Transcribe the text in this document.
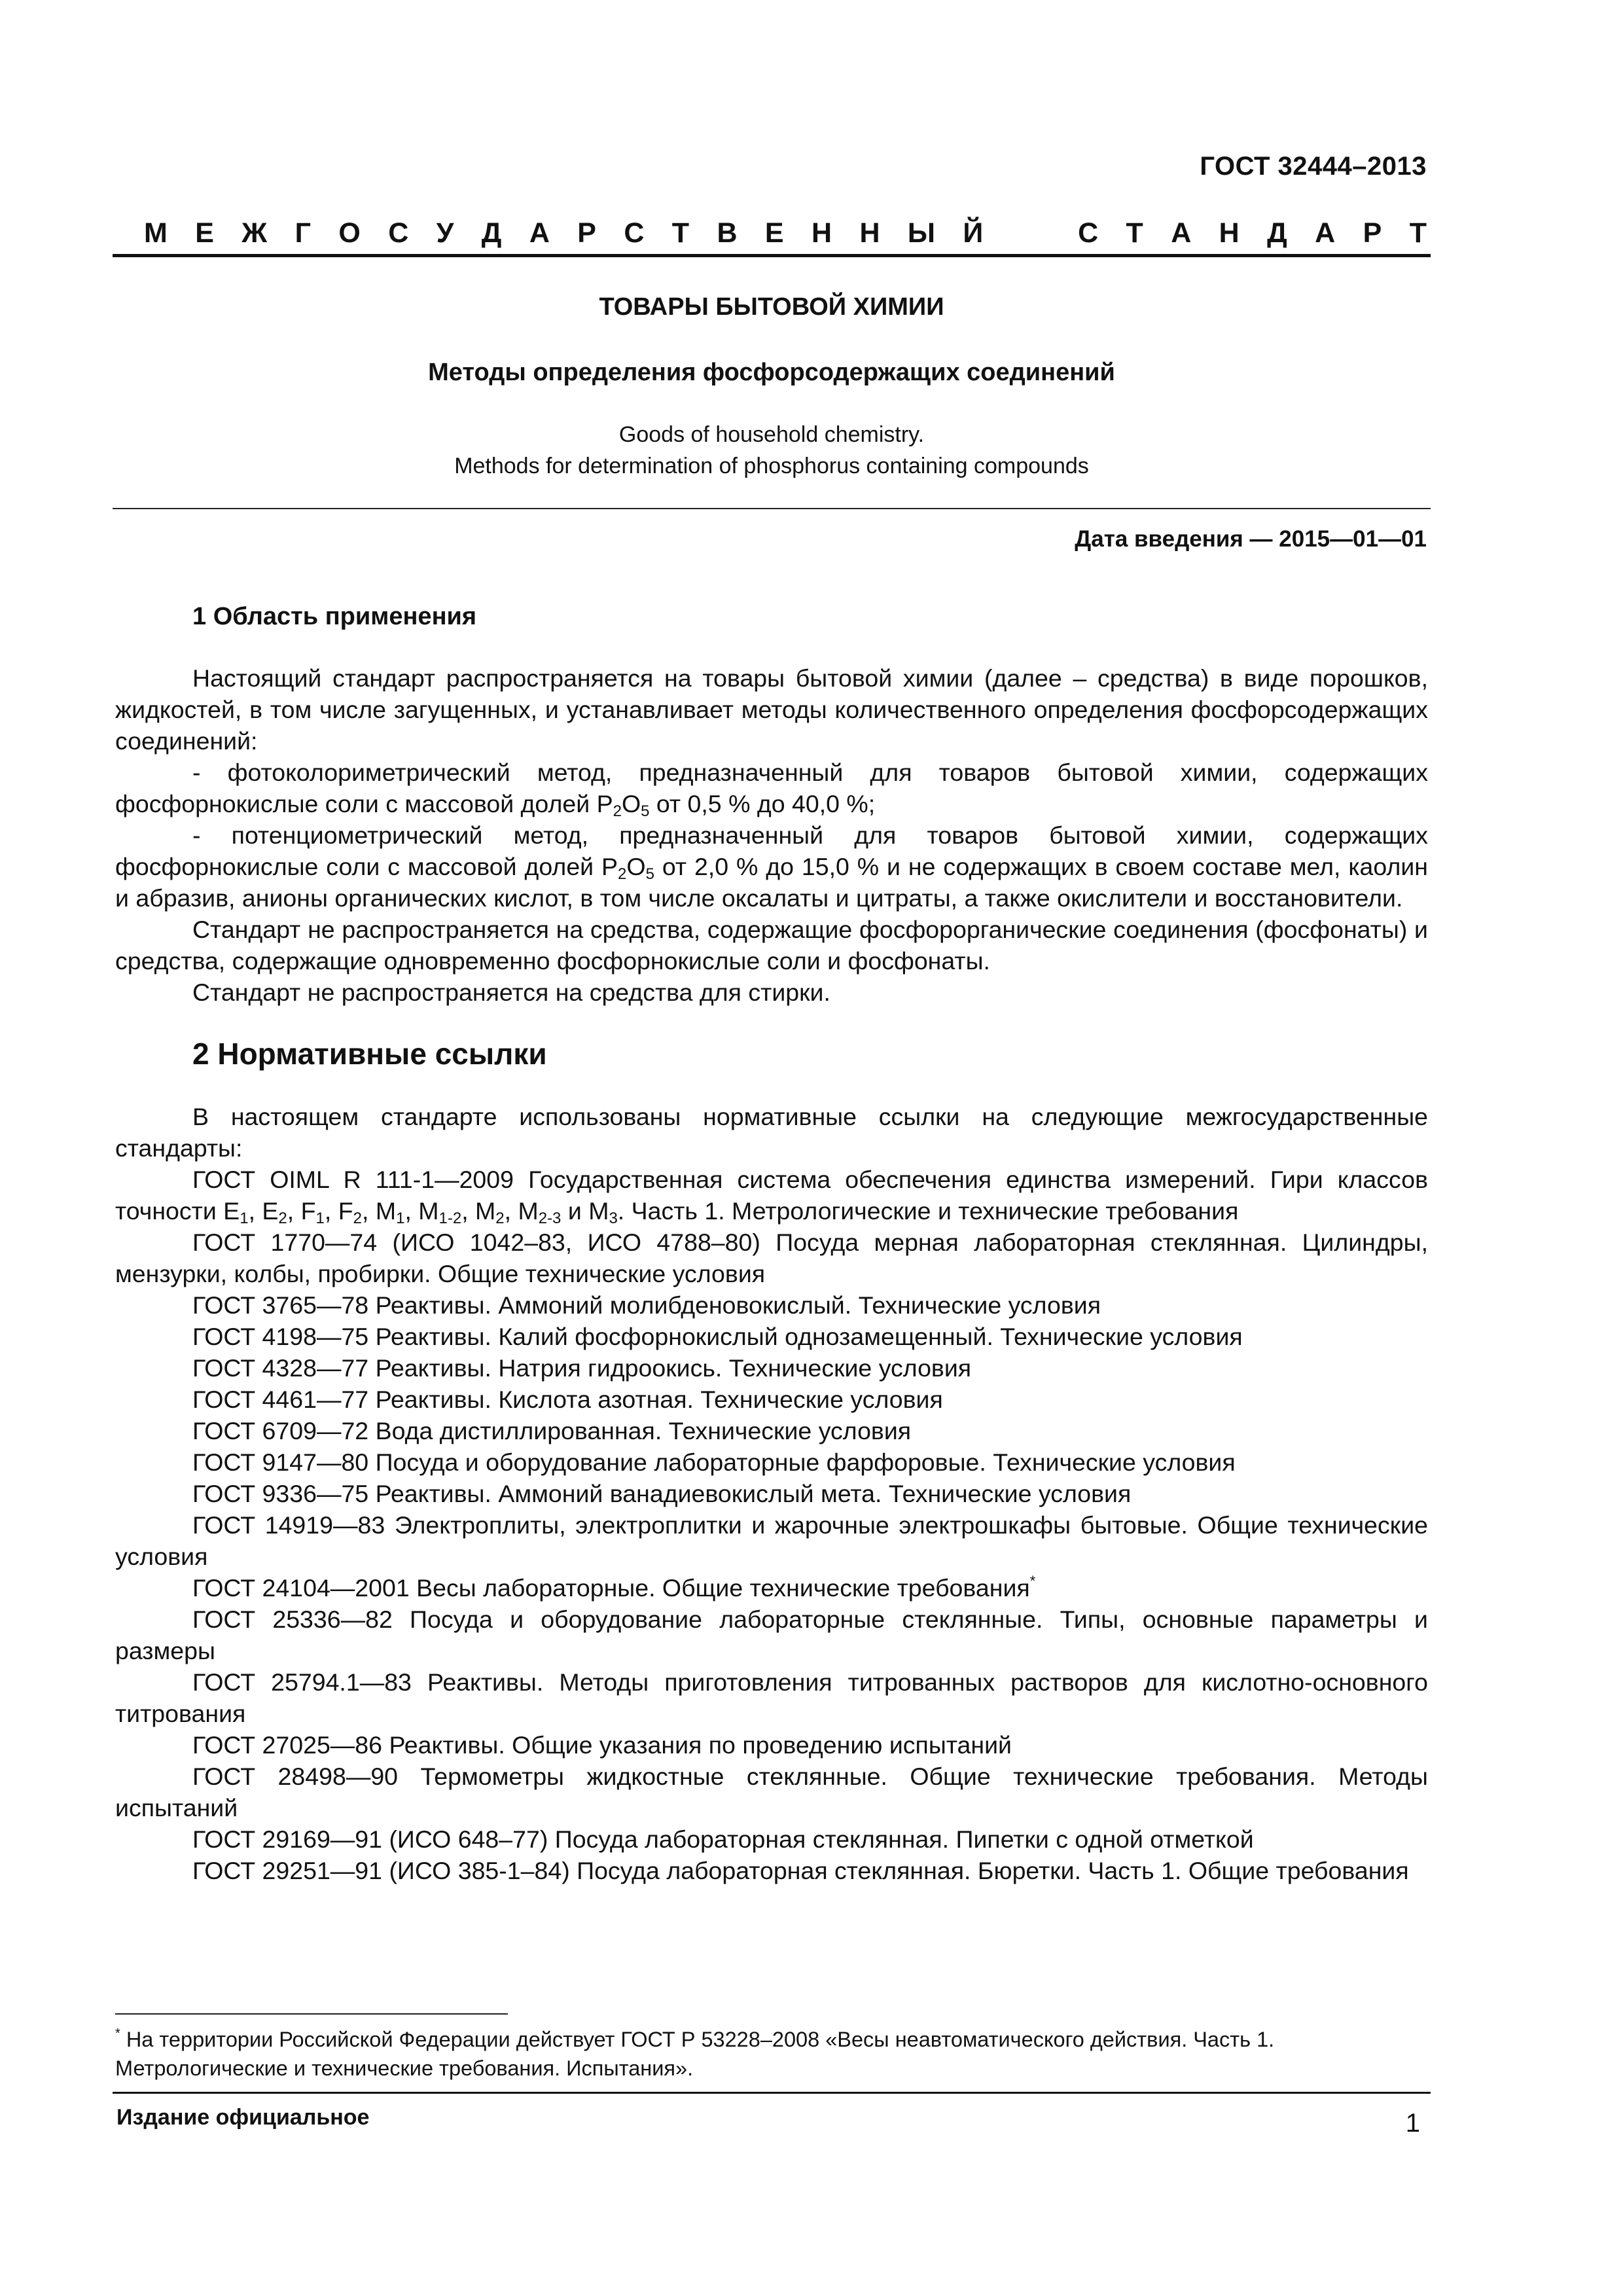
ГОСТ 32444–2013
М Е Ж Г О С У Д А Р С Т В Е Н Н Ы Й	С Т А Н Д А Р Т
ТОВАРЫ БЫТОВОЙ ХИМИИ
Методы определения фосфорсодержащих соединений
Goods of household chemistry.
Methods for determination of phosphorus containing compounds
Дата введения — 2015—01—01
1 Область применения

Настоящий стандарт распространяется на товары бытовой химии (далее – средства) в виде порошков, жидкостей, в том числе загущенных, и устанавливает методы количественного определения фосфорсодержащих соединений:

- фотоколориметрический метод, предназначенный для товаров бытовой химии, содержащих фосфорнокислые соли с массовой долей $P_2O_5$ от 0,5 % до 40,0 %;

- потенциометрический метод, предназначенный для товаров бытовой химии, содержащих фосфорнокислые соли с массовой долей $P_2O_5$ от 2,0 % до 15,0 % и не содержащих в своем составе мел, каолин и абразив, анионы органических кислот, в том числе оксалаты и цитраты, а также окислители и восстановители.

Стандарт не распространяется на средства, содержащие фосфорорганические соединения (фосфонаты) и средства, содержащие одновременно фосфорнокислые соли и фосфонаты.

Стандарт не распространяется на средства для стирки.

2 Нормативные ссылки

В настоящем стандарте использованы нормативные ссылки на следующие межгосударственные стандарты:

ГОСТ OIML R 111-1—2009 Государственная система обеспечения единства измерений. Гири классов точности $E_1$, $E_2$, $F_1$, $F_2$, $M_1$, $M_{1-2}$, $M_2$, $M_{2-3}$ и $M_3$. Часть 1. Метрологические и технические требования

ГОСТ 1770—74 (ИСО 1042–83, ИСО 4788–80) Посуда мерная лабораторная стеклянная. Цилиндры, мензурки, колбы, пробирки. Общие технические условия

ГОСТ 3765—78 Реактивы. Аммоний молибденовокислый. Технические условия

ГОСТ 4198—75 Реактивы. Калий фосфорнокислый однозамещенный. Технические условия

ГОСТ 4328—77 Реактивы. Натрия гидроокись. Технические условия

ГОСТ 4461—77 Реактивы. Кислота азотная. Технические условия

ГОСТ 6709—72 Вода дистиллированная. Технические условия

ГОСТ 9147—80 Посуда и оборудование лабораторные фарфоровые. Технические условия

ГОСТ 9336—75 Реактивы. Аммоний ванадиевокислый мета. Технические условия

ГОСТ 14919—83 Электроплиты, электроплитки и жарочные электрошкафы бытовые. Общие технические условия

ГОСТ 24104—2001 Весы лабораторные. Общие технические требования*

ГОСТ 25336—82 Посуда и оборудование лабораторные стеклянные. Типы, основные параметры и размеры

ГОСТ 25794.1—83 Реактивы. Методы приготовления титрованных растворов для кислотно-основного титрования

ГОСТ 27025—86 Реактивы. Общие указания по проведению испытаний

ГОСТ 28498—90 Термометры жидкостные стеклянные. Общие технические требования. Методы испытаний

ГОСТ 29169—91 (ИСО 648–77) Посуда лабораторная стеклянная. Пипетки с одной отметкой

ГОСТ 29251—91 (ИСО 385-1–84) Посуда лабораторная стеклянная. Бюретки. Часть 1. Общие требования

* На территории Российской Федерации действует ГОСТ Р 53228–2008 «Весы неавтоматического действия. Часть 1. Метрологические и технические требования. Испытания».
Издание официальное	1
